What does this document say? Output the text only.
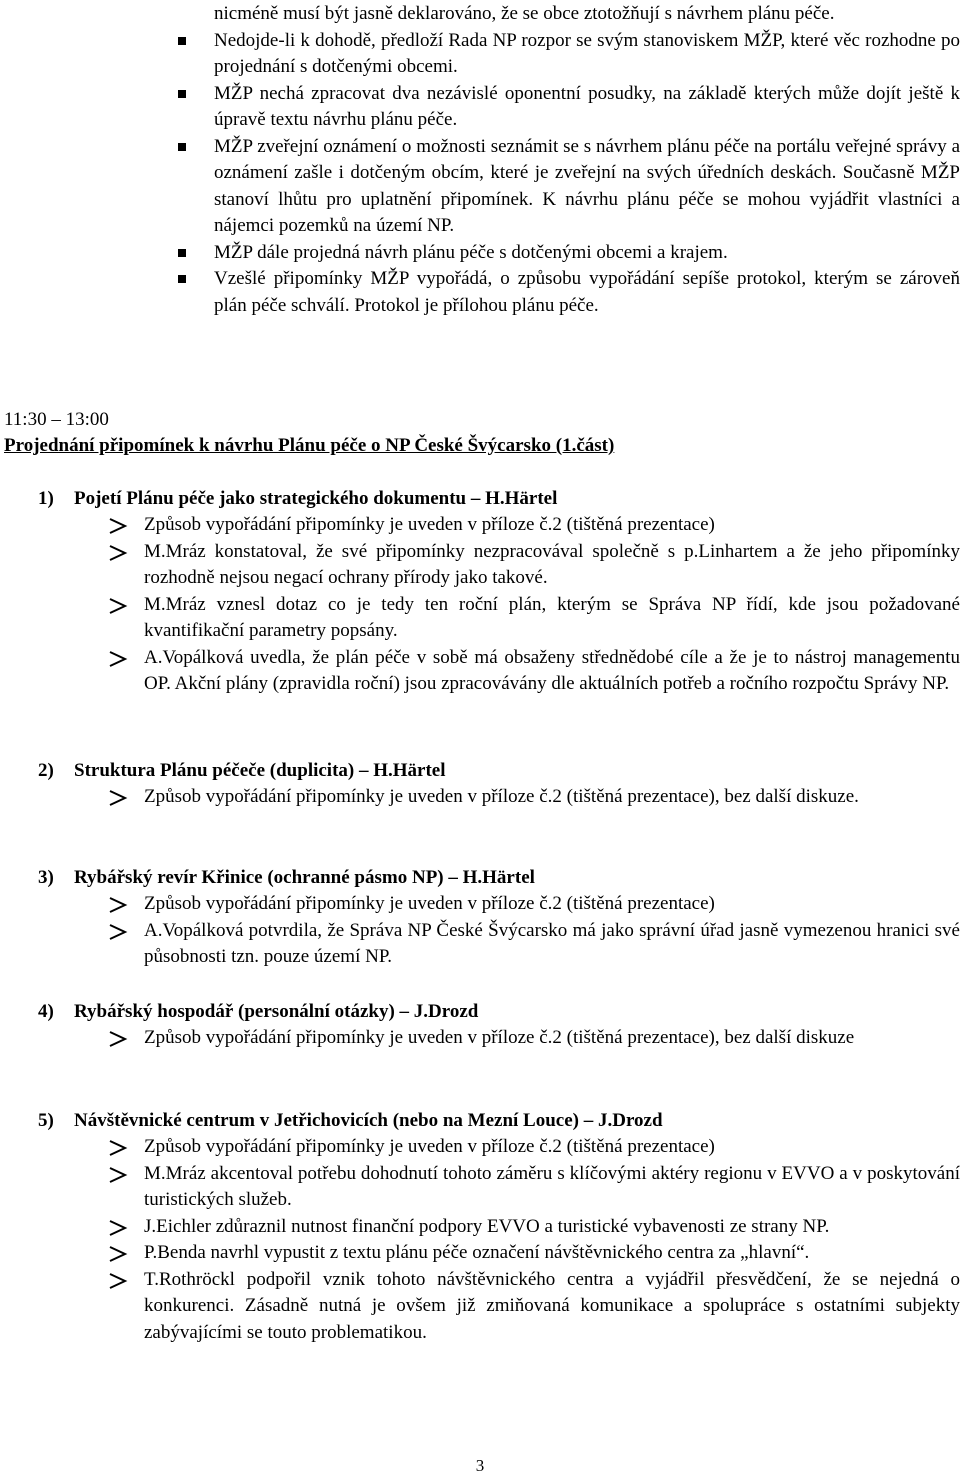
nicméně musí být jasně deklarováno, že se obce ztotožňují s návrhem plánu péče.
Nedojde-li k dohodě, předloží Rada NP rozpor se svým stanoviskem MŽP, které věc rozhodne po projednání s dotčenými obcemi.
MŽP nechá zpracovat dva nezávislé oponentní posudky, na základě kterých může dojít ještě k úpravě textu návrhu plánu péče.
MŽP zveřejní oznámení o možnosti seznámit se s návrhem plánu péče na portálu veřejné správy a oznámení zašle i dotčeným obcím, které je zveřejní na svých úředních deskách. Současně MŽP stanoví lhůtu pro uplatnění připomínek. K návrhu plánu péče se mohou vyjádřit vlastníci a nájemci pozemků na území NP.
MŽP dále projedná návrh plánu péče s dotčenými obcemi a krajem.
Vzešlé připomínky MŽP vypořádá, o způsobu vypořádání sepíše protokol, kterým se zároveň plán péče schválí. Protokol je přílohou plánu péče.
11:30 – 13:00
Projednání připomínek k návrhu Plánu péče o NP České Švýcarsko (1.část)
1) Pojetí Plánu péče jako strategického dokumentu – H.Härtel
Způsob vypořádání připomínky je uveden v příloze č.2 (tištěná prezentace)
M.Mráz konstatoval, že své připomínky nezpracovával společně s p.Linhartem a že jeho připomínky rozhodně nejsou negací ochrany přírody jako takové.
M.Mráz vznesl dotaz co je tedy ten roční plán, kterým se Správa NP řídí, kde jsou požadované kvantifikační parametry popsány.
A.Vopálková uvedla, že plán péče v sobě má obsaženy střednědobé cíle a že je to nástroj managementu OP. Akční plány (zpravidla roční) jsou zpracovávány dle aktuálních potřeb a ročního rozpočtu Správy NP.
2) Struktura Plánu péčeče (duplicita) – H.Härtel
Způsob vypořádání připomínky je uveden v příloze č.2 (tištěná prezentace), bez další diskuze.
3) Rybářský revír Křinice (ochranné pásmo NP) – H.Härtel
Způsob vypořádání připomínky je uveden v příloze č.2 (tištěná prezentace)
A.Vopálková potvrdila, že Správa NP České Švýcarsko má jako správní úřad jasně vymezenou hranici své působnosti tzn. pouze území NP.
4) Rybářský hospodář (personální otázky) – J.Drozd
Způsob vypořádání připomínky je uveden v příloze č.2 (tištěná prezentace), bez další diskuze
5) Návštěvnické centrum v Jetřichovicích (nebo na Mezní Louce) – J.Drozd
Způsob vypořádání připomínky je uveden v příloze č.2 (tištěná prezentace)
M.Mráz akcentoval potřebu dohodnutí tohoto záměru s klíčovými aktéry regionu v EVVO a v poskytování turistických služeb.
J.Eichler zdůraznil nutnost finanční podpory EVVO a turistické vybavenosti ze strany NP.
P.Benda navrhl vypustit z textu plánu péče označení návštěvnického centra za „hlavní“.
T.Rothröckl podpořil vznik tohoto návštěvnického centra a vyjádřil přesvědčení, že se nejedná o konkurenci. Zásadně nutná je ovšem již zmiňovaná komunikace a spolupráce s ostatními subjekty zabývajícími se touto problematikou.
3
